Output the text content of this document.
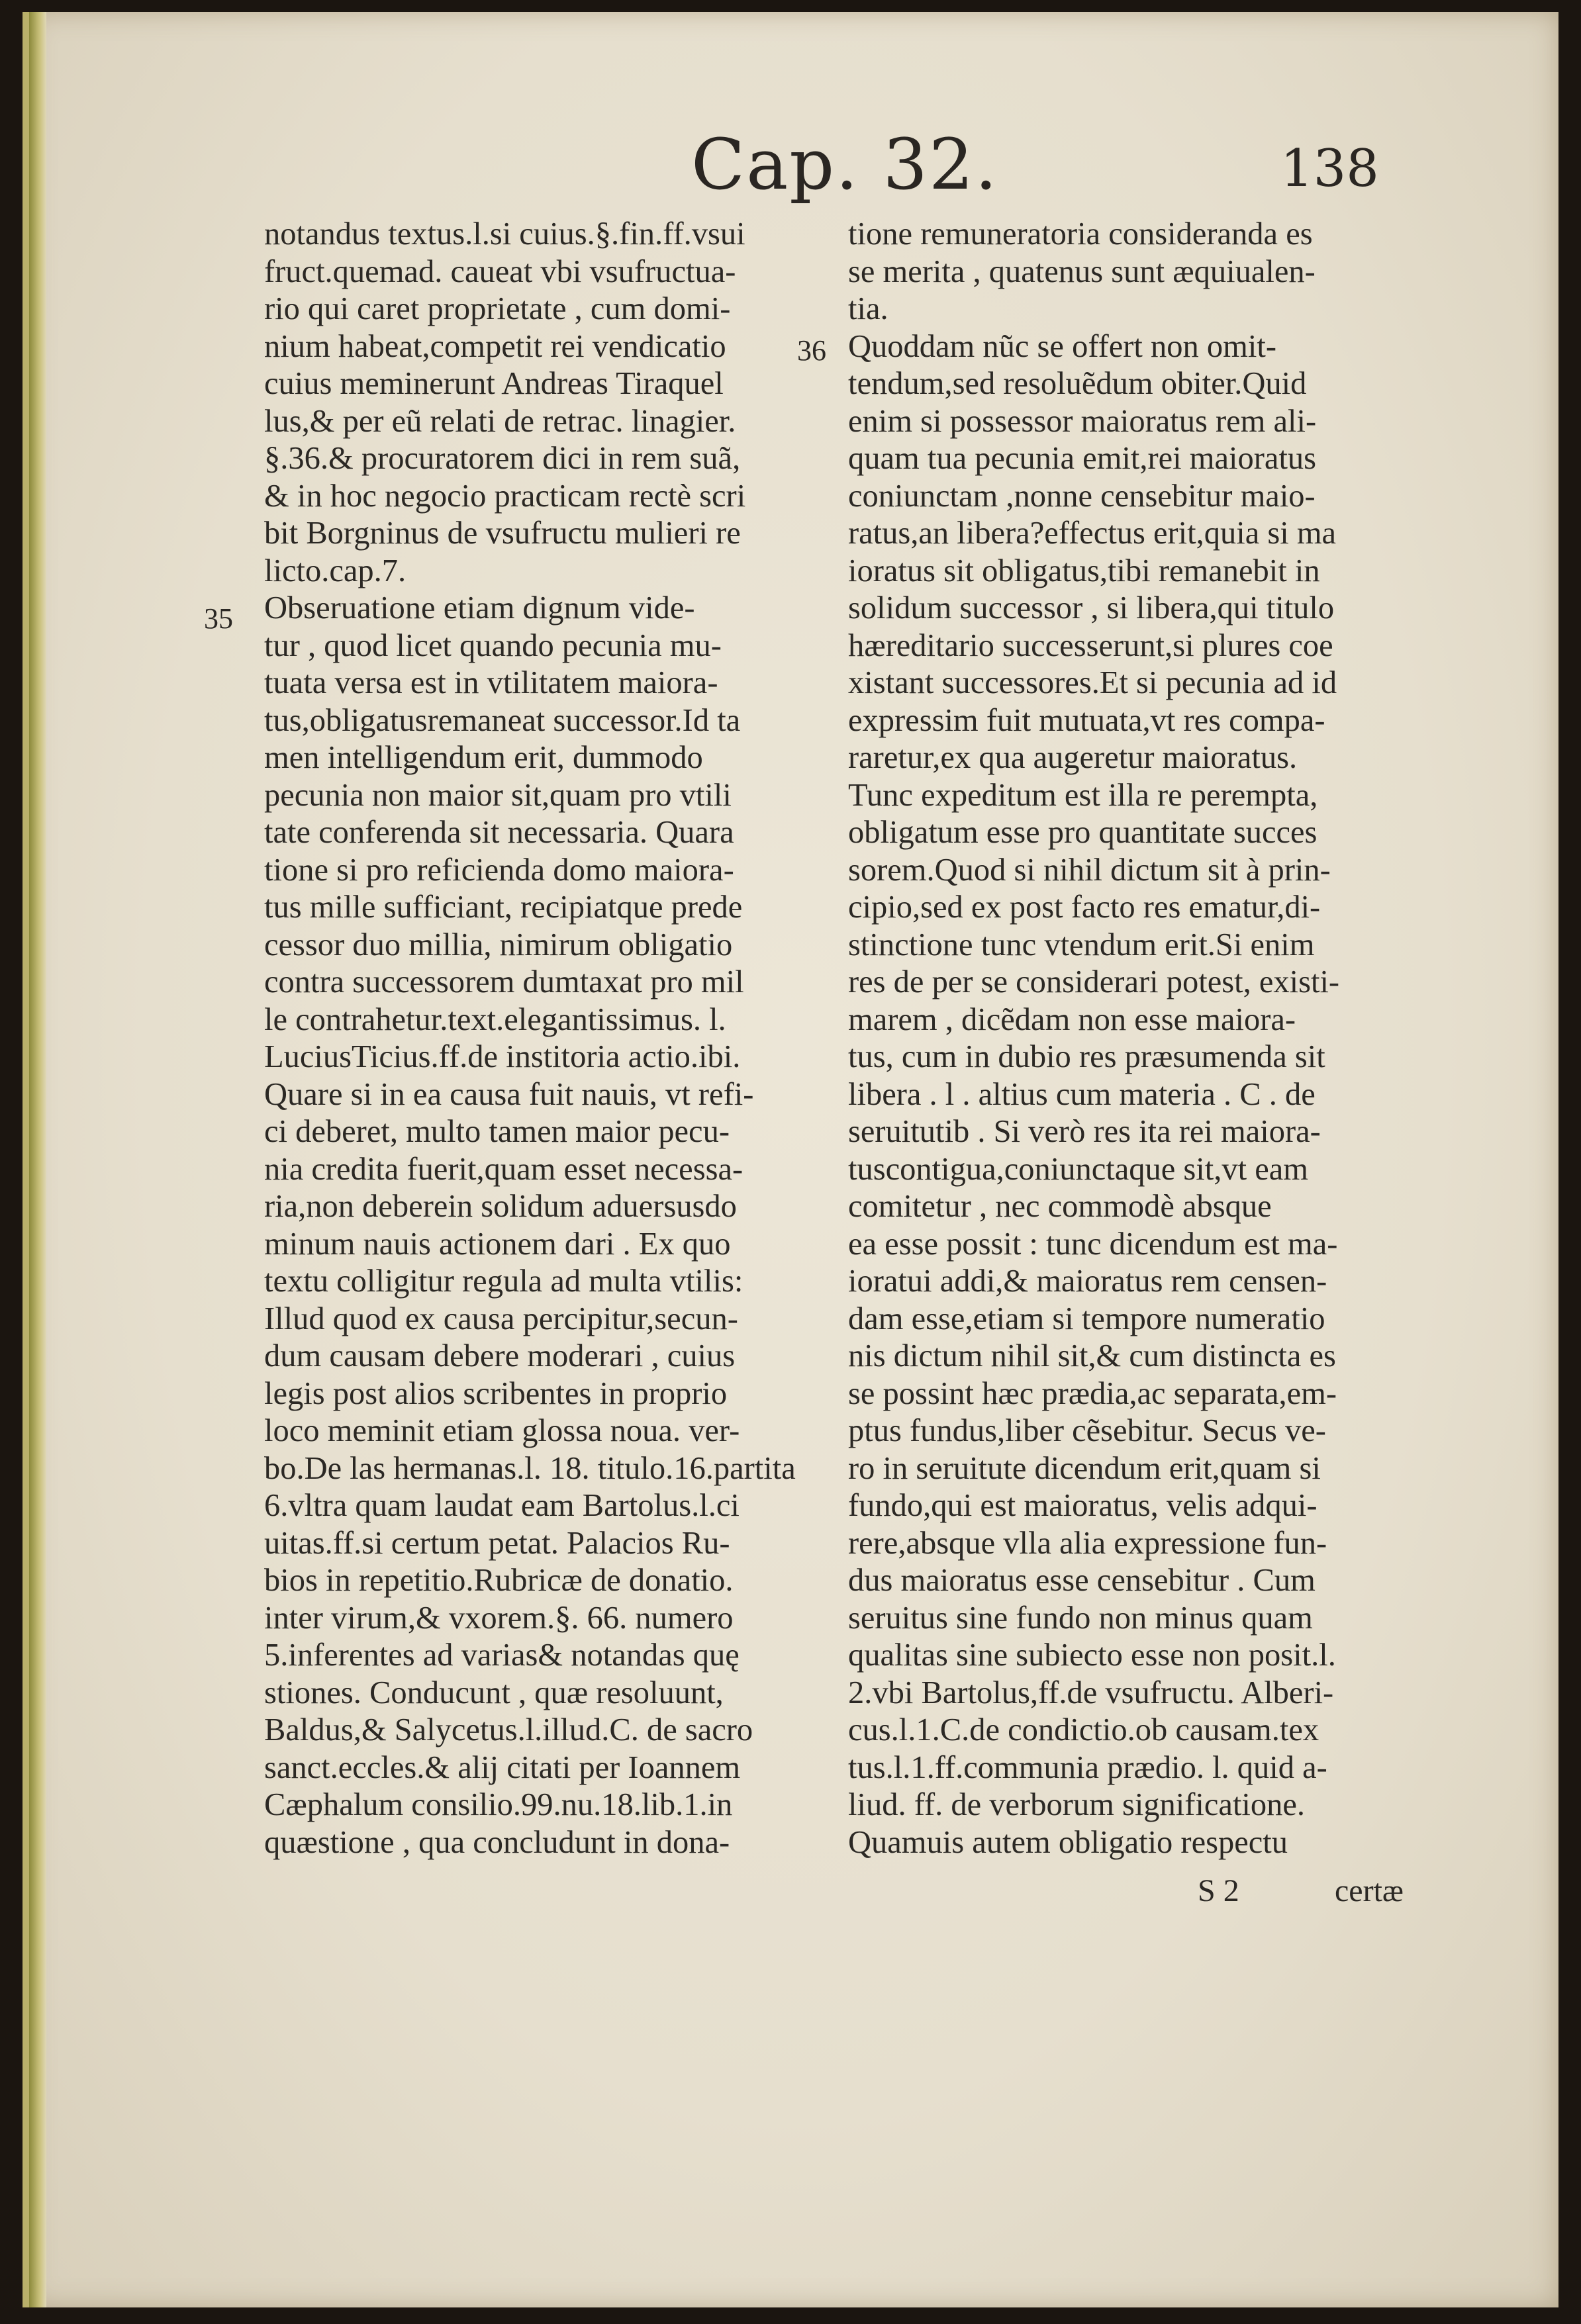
Cap. 32.	138
35
36
notandus textus.l.si cuius.§.fin.ff.vsui
fruct.quemad. caueat vbi vsufructua-
rio qui caret proprietate , cum domi-
nium habeat,competit rei vendicatio
cuius meminerunt Andreas Tiraquel
lus,& per eũ relati de retrac. linagier.
§.36.& procuratorem dici in rem suã,
& in hoc negocio practicam rectè scri
bit Borgninus de vsufructu mulieri re
licto.cap.7.
Obseruatione etiam dignum vide-
tur , quod licet quando pecunia mu-
tuata versa est in vtilitatem maiora-
tus,obligatusremaneat successor.Id ta
men intelligendum erit, dummodo
pecunia non maior sit,quam pro vtili
tate conferenda sit necessaria. Quara
tione si pro reficienda domo maiora-
tus mille sufficiant, recipiatque prede
cessor duo millia, nimirum obligatio
contra successorem dumtaxat pro mil
le contrahetur.text.elegantissimus. l.
LuciusTicius.ff.de institoria actio.ibi.
Quare si in ea causa fuit nauis, vt refi-
ci deberet, multo tamen maior pecu-
nia credita fuerit,quam esset necessa-
ria,non deberein solidum aduersusdo
minum nauis actionem dari . Ex quo
textu colligitur regula ad multa vtilis:
Illud quod ex causa percipitur,secun-
dum causam debere moderari , cuius
legis post alios scribentes in proprio
loco meminit etiam glossa noua. ver-
bo.De las hermanas.l. 18. titulo.16.partita
6.vltra quam laudat eam Bartolus.l.ci
uitas.ff.si certum petat. Palacios Ru-
bios in repetitio.Rubricæ de donatio.
inter virum,& vxorem.§. 66. numero
5.inferentes ad varias& notandas quę
stiones. Conducunt , quæ resoluunt,
Baldus,& Salycetus.l.illud.C. de sacro
sanct.eccles.& alij citati per Ioannem
Cæphalum consilio.99.nu.18.lib.1.in
quæstione , qua concludunt in dona-
tione remuneratoria consideranda es
se merita , quatenus sunt æquiualen-
tia.
Quoddam nũc se offert non omit-
tendum,sed resoluẽdum obiter.Quid
enim si possessor maioratus rem ali-
quam tua pecunia emit,rei maioratus
coniunctam ,nonne censebitur maio-
ratus,an libera?effectus erit,quia si ma
ioratus sit obligatus,tibi remanebit in
solidum successor , si libera,qui titulo
hæreditario successerunt,si plures coe
xistant successores.Et si pecunia ad id
expressim fuit mutuata,vt res compa-
raretur,ex qua augeretur maioratus.
Tunc expeditum est illa re perempta,
obligatum esse pro quantitate succes
sorem.Quod si nihil dictum sit à prin-
cipio,sed ex post facto res ematur,di-
stinctione tunc vtendum erit.Si enim
res de per se considerari potest, existi-
marem , dicẽdam non esse maiora-
tus, cum in dubio res præsumenda sit
libera . l . altius cum materia . C . de
seruitutib . Si verò res ita rei maiora-
tuscontigua,coniunctaque sit,vt eam
comitetur , nec commodè absque
ea esse possit : tunc dicendum est ma-
ioratui addi,& maioratus rem censen-
dam esse,etiam si tempore numeratio
nis dictum nihil sit,& cum distincta es
se possint hæc prædia,ac separata,em-
ptus fundus,liber cẽsebitur. Secus ve-
ro in seruitute dicendum erit,quam si
fundo,qui est maioratus, velis adqui-
rere,absque vlla alia expressione fun-
dus maioratus esse censebitur . Cum
seruitus sine fundo non minus quam
qualitas sine subiecto esse non posit.l.
2.vbi Bartolus,ff.de vsufructu. Alberi-
cus.l.1.C.de condictio.ob causam.tex
tus.l.1.ff.communia prædio. l. quid a-
liud. ff. de verborum significatione.
Quamuis autem obligatio respectu
S 2	certæ
